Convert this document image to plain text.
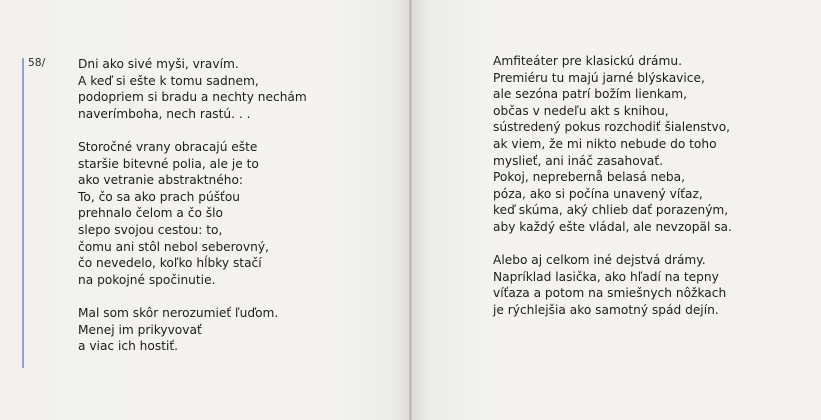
58/	Dni ako sivé myši, vravím.
A keď si ešte k tomu sadnem,
podopriem si bradu a nechty nechám
naverímboha, nech rastú. . .
Storočné vrany obracajú ešte
staršie bitevné polia, ale je to
ako vetranie abstraktného:
To, čo sa ako prach púšťou
prehnalo čelom a čo šlo
slepo svojou cestou: to,
čomu ani stôl nebol seberovný,
čo nevedelo, koľko hĺbky stačí
na pokojné spočinutie.
Mal som skôr nerozumieť ľuďom.
Menej im prikyvovať
a viac ich hostiť.
Amfiteáter pre klasickú drámu.
Premiéru tu majú jarné blýskavice,
ale sezóna patrí božím lienkam,
občas v nedeľu akt s knihou,
sústredený pokus rozchodiť šialenstvo,
ak viem, že mi nikto nebude do toho
myslieť, ani ináč zasahovať.
Pokoj, neprebernå belasá neba,
póza, ako si počína unavený víťaz,
keď skúma, aký chlieb dať porazeným,
aby každý ešte vládal, ale nevzopäl sa.
Alebo aj celkom iné dejstvá drámy.
Napríklad lasička, ako hľadí na tepny
víťaza a potom na smiešnych nôžkach
je rýchlejšia ako samotný spád dejín.
